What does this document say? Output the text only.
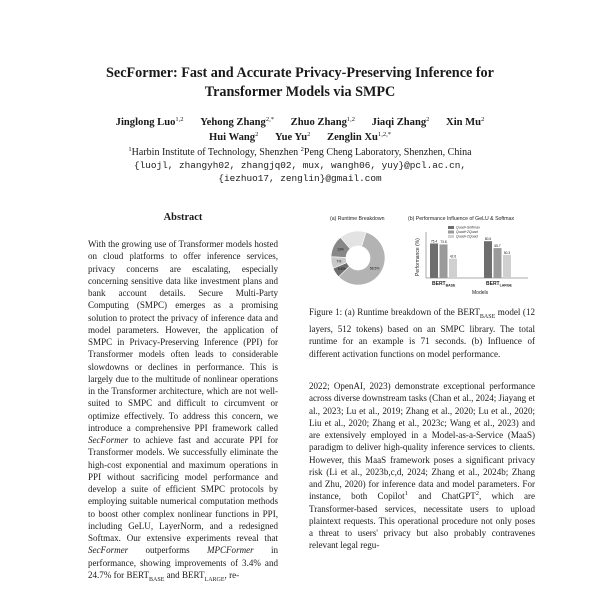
SecFormer: Fast and Accurate Privacy-Preserving Inference for
Transformer Models via SMPC
Jinglong Luo$^{1,2}$ Yehong Zhang$^{2,*}$ Zhuo Zhang$^{1,2}$ Jiaqi Zhang$^2$ Xin Mu$^2$
Hui Wang$^2$ Yue Yu$^2$ Zenglin $Xu^{1,2,*}$
$^1$Harbin Institute of Technology, Shenzhen $^2$Peng Cheng Laboratory, Shenzhen, China
{luojl, zhangyh02, zhangjq02, mux, wangh06, yuy}@pcl.ac.cn,
{iezhuo17, zenglin}@gmail.com
Abstract

With the growing use of Transformer models hosted on cloud platforms to offer inference services, privacy concerns are escalating, especially concerning sensitive data like investment plans and bank account details. Secure Multi-Party Computing (SMPC) emerges as a promising solution to protect the privacy of inference data and model parameters. However, the application of SMPC in Privacy-Preserving Inference (PPI) for Transformer models often leads to considerable slowdowns or declines in performance. This is largely due to the multitude of nonlinear operations in the Transformer architecture, which are not well-suited to SMPC and difficult to circumvent or optimize effectively. To address this concern, we introduce a comprehensive PPI framework called SecFormer to achieve fast and accurate PPI for Transformer models. We successfully eliminate the high-cost exponential and maximum operations in PPI without sacrificing model performance and develop a suite of efficient SMPC protocols by employing suitable numerical computation methods to boost other complex nonlinear functions in PPI, including GeLU, LayerNorm, and a redesigned Softmax. Our extensive experiments reveal that SecFormer outperforms MPCFormer in performance, showing improvements of 3.4% and 24.7% for $BERT_{BASE}$ and $BERT_{LARGE}$, re-

(a) Runtime Breakdown	(b) Performance Influence of GeLU & Softmax
58.5%
5.6%
7%
13%	Performance (%)
Models
$BERT_{BASE}$	$BERT_{LARGE}$
Quad+Softmax
Quad+2Quad
Quad+2Quad
75.4 73.8
42.6
80.6
65.7
50.3

Figure 1: (a) Runtime breakdown of the $BERT_{BASE}$ model (12 layers, 512 tokens) based on an SMPC library. The total runtime for an example is 71 seconds. (b) Influence of different activation functions on model performance.

2022; OpenAI, 2023) demonstrate exceptional performance across diverse downstream tasks (Chan et al., 2024; Jiayang et al., 2023; Lu et al., 2019; Zhang et al., 2020; Lu et al., 2020; Liu et al., 2020; Zhang et al., 2023c; Wang et al., 2023) and are extensively employed in a Model-as-a-Service (MaaS) paradigm to deliver high-quality inference services to clients. However, this MaaS framework poses a significant privacy risk (Li et al., 2023b,c,d, 2024; Zhang et al., 2024b; Zhang and Zhu, 2020) for inference data and model parameters. For instance, both Copilot$^1$ and ChatGPT$^2$, which are Transformer-based services, necessitate users to upload plaintext requests. This operational procedure not only poses a threat to users' privacy but also probably contravenes relevant legal regu-
